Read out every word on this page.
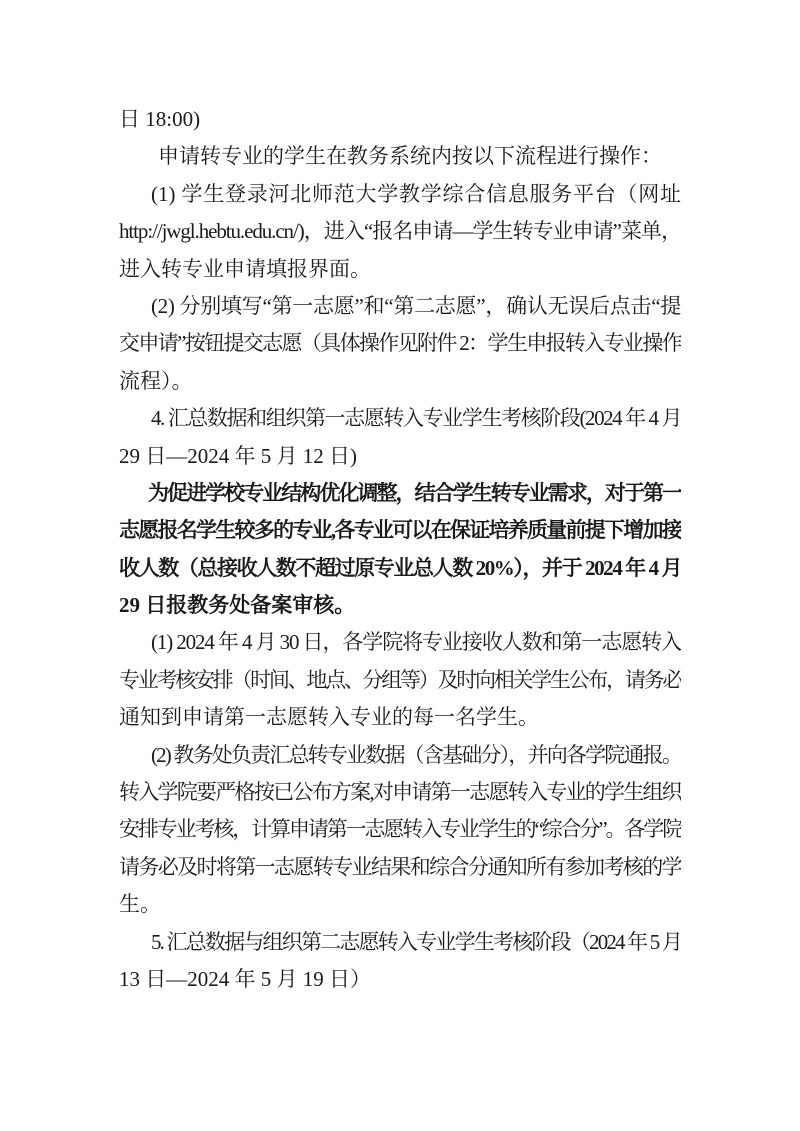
日 18:00)
申请转专业的学生在教务系统内按以下流程进行操作：
(1) 学生登录河北师范大学教学综合信息服务平台（网址
http://jwgl.hebtu.edu.cn/)，进入“报名申请—学生转专业申请”菜单，
进入转专业申请填报界面。
(2) 分别填写“第一志愿”和“第二志愿”，确认无误后点击“提
交申请”按钮提交志愿（具体操作见附件 2：学生申报转入专业操作
流程）。
4. 汇总数据和组织第一志愿转入专业学生考核阶段(2024 年 4 月
29 日—2024 年 5 月 12 日)
为促进学校专业结构优化调整，结合学生转专业需求，对于第一
志愿报名学生较多的专业,各专业可以在保证培养质量前提下增加接
收人数（总接收人数不超过原专业总人数 20%），并于 2024 年 4 月
29 日报教务处备案审核。
(1) 2024 年 4 月 30 日，各学院将专业接收人数和第一志愿转入
专业考核安排（时间、地点、分组等）及时向相关学生公布，请务必
通知到申请第一志愿转入专业的每一名学生。
(2) 教务处负责汇总转专业数据（含基础分），并向各学院通报。
转入学院要严格按已公布方案,对申请第一志愿转入专业的学生组织
安排专业考核，计算申请第一志愿转入专业学生的“综合分”。各学院
请务必及时将第一志愿转专业结果和综合分通知所有参加考核的学
生。
5. 汇总数据与组织第二志愿转入专业学生考核阶段（2024 年 5 月
13 日—2024 年 5 月 19 日）
